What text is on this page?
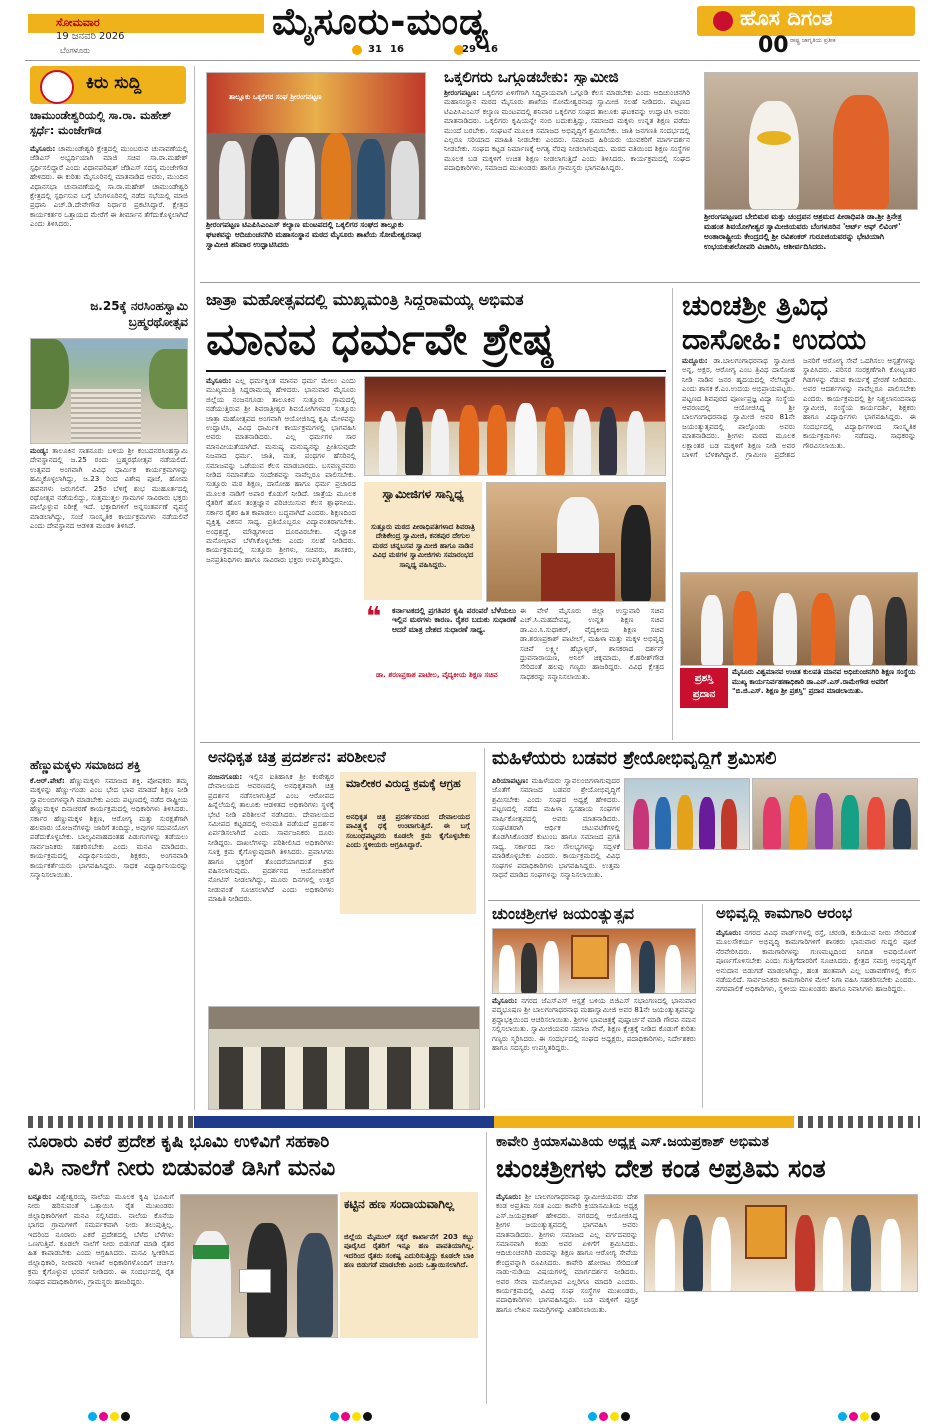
ಸೋಮವಾರ
19 ಜನವರಿ 2026
ಬೆಂಗಳೂರು
ಮೈಸೂರು-ಮಂಡ್ಯ
31 16	29 16
ಹೊಸ ದಿಗಂತ
ರಾಷ್ಟ್ರ ಜಾಗೃತಿಯ ಪ್ರತೀಕ
00
ಕಿರು ಸುದ್ದಿ
ಚಾಮುಂಡೇಶ್ವರಿಯಲ್ಲಿ ಸಾ.ರಾ. ಮಹೇಶ್ ಸ್ಪರ್ಧೆ: ಮಂಜೇಗೌಡ
ಮೈಸೂರು: ಚಾಮುಂಡೇಶ್ವರಿ ಕ್ಷೇತ್ರದಲ್ಲಿ ಮುಂಬರುವ ಚುನಾವಣೆಯಲ್ಲಿ ಜೆಡಿಎಸ್ ಅಭ್ಯರ್ಥಿಯಾಗಿ ಮಾಜಿ ಸಚಿವ ಸಾ.ರಾ.ಮಹೇಶ್ ಸ್ಪರ್ಧಿಸಲಿದ್ದಾರೆ ಎಂದು ವಿಧಾನಪರಿಷತ್ ಜೆಡಿಎಸ್ ಸದಸ್ಯ ಮಂಜೇಗೌಡ ಹೇಳಿದರು. ಈ ಕುರಿತು ಮೈಸೂರಿನಲ್ಲಿ ಮಾತನಾಡಿದ ಅವರು, ಮುಂದಿನ ವಿಧಾನಸಭಾ ಚುನಾವಣೆಯಲ್ಲಿ ಸಾ.ರಾ.ಮಹೇಶ್ ಚಾಮುಂಡೇಶ್ವರಿ ಕ್ಷೇತ್ರದಲ್ಲಿ ಸ್ಪರ್ಧಿಸುವ ಬಗ್ಗೆ ಬೆಂಗಳೂರಿನಲ್ಲಿ ನಡೆದ ಸಭೆಯಲ್ಲಿ ಮಾಜಿ ಪ್ರಧಾನಿ ಎಚ್.ಡಿ.ದೇವೇಗೌಡ ನಿರ್ಧಾರ ಪ್ರಕಟಿಸಿದ್ದಾರೆ. ಕ್ಷೇತ್ರದ ಕಾರ್ಯಕರ್ತರ ಒತ್ತಾಯದ ಮೇರೆಗೆ ಈ ತೀರ್ಮಾನ ತೆಗೆದುಕೊಳ್ಳಲಾಗಿದೆ ಎಂದು ತಿಳಿಸಿದರು.
ಜ.25ಕ್ಕೆ ನರಸಿಂಹಸ್ವಾಮಿ ಬ್ರಹ್ಮರಥೋತ್ಸವ
ಮಂಡ್ಯ: ತಾಲೂಕಿನ ಸಾತನೂರು ಬಳಿಯ ಶ್ರೀ ಕಂಬದನರಸಿಂಹಸ್ವಾಮಿ ದೇವಸ್ಥಾನದಲ್ಲಿ ಜ.25 ರಂದು ಬ್ರಹ್ಮರಥೋತ್ಸವ ನಡೆಯಲಿದೆ. ಉತ್ಸವದ ಅಂಗವಾಗಿ ವಿವಿಧ ಧಾರ್ಮಿಕ ಕಾರ್ಯಕ್ರಮಗಳನ್ನು ಹಮ್ಮಿಕೊಳ್ಳಲಾಗಿದ್ದು, ಜ.23 ರಿಂದ ವಿಶೇಷ ಪೂಜೆ, ಹೋಮ ಹವನಗಳು ಜರುಗಲಿವೆ. 25ರ ಬೆಳಿಗ್ಗೆ ಶುಭ ಮುಹೂರ್ತದಲ್ಲಿ ರಥೋತ್ಸವ ನಡೆಯಲಿದ್ದು, ಸುತ್ತಮುತ್ತಲ ಗ್ರಾಮಗಳ ಸಾವಿರಾರು ಭಕ್ತರು ಪಾಲ್ಗೊಳ್ಳುವ ನಿರೀಕ್ಷೆ ಇದೆ. ಭಕ್ತಾದಿಗಳಿಗೆ ಅನ್ನಸಂತರ್ಪಣೆ ವ್ಯವಸ್ಥೆ ಮಾಡಲಾಗಿದ್ದು, ಸಂಜೆ ಸಾಂಸ್ಕೃತಿಕ ಕಾರ್ಯಕ್ರಮಗಳು ನಡೆಯಲಿವೆ ಎಂದು ದೇವಸ್ಥಾನದ ಆಡಳಿತ ಮಂಡಳಿ ತಿಳಿಸಿದೆ.
ಹೆಣ್ಣುಮಕ್ಕಳು ಸಮಾಜದ ಶಕ್ತಿ
ಕೆ.ಆರ್.ಪೇಟೆ: ಹೆಣ್ಣುಮಕ್ಕಳು ಸಮಾಜದ ಶಕ್ತಿ. ಪೋಷಕರು ತಮ್ಮ ಮಕ್ಕಳನ್ನು ಹೆಣ್ಣು-ಗಂಡು ಎಂಬ ಭೇದ ಭಾವ ಮಾಡದೆ ಶಿಕ್ಷಣ ನೀಡಿ ಸ್ವಾವಲಂಬಿಗಳನ್ನಾಗಿ ಮಾಡಬೇಕು ಎಂದು ಪಟ್ಟಣದಲ್ಲಿ ನಡೆದ ರಾಷ್ಟ್ರೀಯ ಹೆಣ್ಣುಮಕ್ಕಳ ದಿನಾಚರಣೆ ಕಾರ್ಯಕ್ರಮದಲ್ಲಿ ಅಧಿಕಾರಿಗಳು ತಿಳಿಸಿದರು. ಸರ್ಕಾರ ಹೆಣ್ಣುಮಕ್ಕಳ ಶಿಕ್ಷಣ, ಆರೋಗ್ಯ ಮತ್ತು ಸುರಕ್ಷತೆಗಾಗಿ ಹಲವಾರು ಯೋಜನೆಗಳನ್ನು ಜಾರಿಗೆ ತಂದಿದ್ದು, ಅವುಗಳ ಸದುಪಯೋಗ ಪಡೆದುಕೊಳ್ಳಬೇಕು. ಬಾಲ್ಯವಿವಾಹದಂತಹ ಪಿಡುಗುಗಳನ್ನು ತಡೆಯಲು ಸಾರ್ವಜನಿಕರು ಸಹಕರಿಸಬೇಕು ಎಂದು ಮನವಿ ಮಾಡಿದರು. ಕಾರ್ಯಕ್ರಮದಲ್ಲಿ ವಿದ್ಯಾರ್ಥಿನಿಯರು, ಶಿಕ್ಷಕರು, ಅಂಗನವಾಡಿ ಕಾರ್ಯಕರ್ತೆಯರು ಭಾಗವಹಿಸಿದ್ದರು. ಸಾಧಕ ವಿದ್ಯಾರ್ಥಿನಿಯರನ್ನು ಸನ್ಮಾನಿಸಲಾಯಿತು.
ತಾಲ್ಲೂಕು ಒಕ್ಕಲಿಗರ ಸಂಘ ಶ್ರೀರಂಗಪಟ್ಟಣ
ಶ್ರೀರಂಗಪಟ್ಟಣ ಟಿಎಪಿಸಿಎಂಎಸ್ ಕಲ್ಯಾಣ ಮಂಟಪದಲ್ಲಿ ಒಕ್ಕಲಿಗರ ಸಂಘದ ತಾಲ್ಲೂಕು ಘಟಕವನ್ನು ಆದಿಚುಂಚನಗಿರಿ ಮಹಾಸಂಸ್ಥಾನ ಮಠದ ಮೈಸೂರು ಶಾಖೆಯ ಸೋಮೇಶ್ವರನಾಥ ಸ್ವಾಮೀಜಿ ಶನಿವಾರ ಉದ್ಘಾಟಿಸಿದರು
ಒಕ್ಕಲಿಗರು ಒಗ್ಗೂಡಬೇಕು: ಸ್ವಾಮೀಜಿ
ಶ್ರೀರಂಗಪಟ್ಟಣ: ಒಕ್ಕಲಿಗರ ಏಳಿಗೆಗಾಗಿ ಸಿದ್ದಿಪ್ರಾಯವಾಗಿ ಒಗ್ಗೂಡಿ ಕೆಲಸ ಮಾಡಬೇಕು ಎಂದು ಆದಿಚುಂಚನಗಿರಿ ಮಹಾಸಂಸ್ಥಾನ ಮಠದ ಮೈಸೂರು ಶಾಖೆಯ ಸೋಮೇಶ್ವರನಾಥ ಸ್ವಾಮೀಜಿ ಸಲಹೆ ನೀಡಿದರು. ಪಟ್ಟಣದ ಟಿಎಪಿಸಿಎಂಎಸ್ ಕಲ್ಯಾಣ ಮಂಟಪದಲ್ಲಿ ಶನಿವಾರ ಒಕ್ಕಲಿಗರ ಸಂಘದ ತಾಲೂಕು ಘಟಕವನ್ನು ಉದ್ಘಾಟಿಸಿ ಅವರು ಮಾತನಾಡಿದರು. ಒಕ್ಕಲಿಗರು ಕೃಷಿಯನ್ನೇ ನಂಬಿ ಬದುಕುತ್ತಿದ್ದು, ಸಮಾಜದ ಮಕ್ಕಳು ಉನ್ನತ ಶಿಕ್ಷಣ ಪಡೆದು ಮುಂದೆ ಬರಬೇಕು. ಸಂಘಟನೆ ಮೂಲಕ ಸಮಾಜದ ಅಭಿವೃದ್ಧಿಗೆ ಶ್ರಮಿಸಬೇಕು. ಜಾತಿ ಜನಗಣತಿ ಸಂದರ್ಭದಲ್ಲಿ ಎಲ್ಲರೂ ಸರಿಯಾದ ಮಾಹಿತಿ ನೀಡಬೇಕು ಎಂದರು. ಸಮಾಜದ ಹಿರಿಯರು ಯುವಕರಿಗೆ ಮಾರ್ಗದರ್ಶನ ನೀಡಬೇಕು. ಸಂಘದ ಕಟ್ಟಡ ನಿರ್ಮಾಣಕ್ಕೆ ಅಗತ್ಯ ನೆರವು ನೀಡಲಾಗುವುದು. ಮಠದ ವತಿಯಿಂದ ಶಿಕ್ಷಣ ಸಂಸ್ಥೆಗಳ ಮೂಲಕ ಬಡ ಮಕ್ಕಳಿಗೆ ಉಚಿತ ಶಿಕ್ಷಣ ನೀಡಲಾಗುತ್ತಿದೆ ಎಂದು ತಿಳಿಸಿದರು. ಕಾರ್ಯಕ್ರಮದಲ್ಲಿ ಸಂಘದ ಪದಾಧಿಕಾರಿಗಳು, ಸಮಾಜದ ಮುಖಂಡರು ಹಾಗೂ ಗ್ರಾಮಸ್ಥರು ಭಾಗವಹಿಸಿದ್ದರು.
ಶ್ರೀರಂಗಪಟ್ಟಣದ ಬೇಬಿಮಠ ಮತ್ತು ಚಂದ್ರವನ ಆಶ್ರಮದ ಪೀಠಾಧಿಪತಿ ಡಾ.ಶ್ರೀ ತ್ರಿನೇತ್ರ ಮಹಂತ ಶಿವಯೋಗೀಶ್ವರ ಸ್ವಾಮೀಜಿಯವರು ಬೆಂಗಳೂರಿನ 'ಆರ್ಟ್ ಆಫ್ ಲಿವಿಂಗ್' ಅಂತಾರಾಷ್ಟ್ರೀಯ ಕೇಂದ್ರದಲ್ಲಿ ಶ್ರೀ ರವಿಶಂಕರ್ ಗುರೂಜಿಯವರನ್ನು ಭೇಟಿಯಾಗಿ ಉಭಯಕುಶಲೋಪರಿ ವಿಚಾರಿಸಿ, ಆಶೀರ್ವದಿಸಿದರು.
ಜಾತ್ರಾ ಮಹೋತ್ಸವದಲ್ಲಿ ಮುಖ್ಯಮಂತ್ರಿ ಸಿದ್ದರಾಮಯ್ಯ ಅಭಿಮತ
ಮಾನವ ಧರ್ಮವೇ ಶ್ರೇಷ್ಠ
ಮೈಸೂರು: ಎಲ್ಲ ಧರ್ಮಕ್ಕಿಂತ ಮಾನವ ಧರ್ಮ ಮೇಲು ಎಂದು ಮುಖ್ಯಮಂತ್ರಿ ಸಿದ್ದರಾಮಯ್ಯ ಹೇಳಿದರು. ಭಾನುವಾರ ಮೈಸೂರು ಜಿಲ್ಲೆಯ ನಂಜನಗೂಡು ತಾಲೂಕಿನ ಸುತ್ತೂರು ಗ್ರಾಮದಲ್ಲಿ ನಡೆಯುತ್ತಿರುವ ಶ್ರೀ ಶಿವರಾತ್ರೀಶ್ವರ ಶಿವಯೋಗಿಗಳವರ ಸುತ್ತೂರು ಜಾತ್ರಾ ಮಹೋತ್ಸವದ ಅಂಗವಾಗಿ ಆಯೋಜಿಸಿದ್ದ ಕೃಷಿ ಮೇಳವನ್ನು ಉದ್ಘಾಟಿಸಿ, ವಿವಿಧ ಧಾರ್ಮಿಕ ಕಾರ್ಯಕ್ರಮಗಳಲ್ಲಿ ಭಾಗವಹಿಸಿ ಅವರು ಮಾತನಾಡಿದರು. ಎಲ್ಲ ಧರ್ಮಗಳ ಸಾರ ಮಾನವೀಯತೆಯಾಗಿದೆ. ಮನುಷ್ಯ ಮನುಷ್ಯನನ್ನು ಪ್ರೀತಿಸುವುದೇ ನಿಜವಾದ ಧರ್ಮ. ಜಾತಿ, ಮತ, ಪಂಥಗಳ ಹೆಸರಿನಲ್ಲಿ ಸಮಾಜವನ್ನು ಒಡೆಯುವ ಕೆಲಸ ಮಾಡಬಾರದು. ಬಸವಣ್ಣನವರು ನೀಡಿದ ಸಮಾನತೆಯ ಸಂದೇಶವನ್ನು ನಾವೆಲ್ಲರೂ ಪಾಲಿಸಬೇಕು. ಸುತ್ತೂರು ಮಠ ಶಿಕ್ಷಣ, ದಾಸೋಹ ಹಾಗೂ ಧರ್ಮ ಪ್ರಚಾರದ ಮೂಲಕ ನಾಡಿಗೆ ಅಪಾರ ಕೊಡುಗೆ ನೀಡಿದೆ. ಜಾತ್ರೆಯ ಮೂಲಕ ರೈತರಿಗೆ ಹೊಸ ತಂತ್ರಜ್ಞಾನ ಪರಿಚಯಿಸುವ ಕೆಲಸ ಶ್ಲಾಘನೀಯ. ಸರ್ಕಾರ ರೈತರ ಹಿತ ಕಾಪಾಡಲು ಬದ್ಧವಾಗಿದೆ ಎಂದರು. ಶಿಕ್ಷಣದಿಂದ ವ್ಯಕ್ತಿತ್ವ ವಿಕಸನ ಸಾಧ್ಯ. ಪ್ರತಿಯೊಬ್ಬರೂ ವಿದ್ಯಾವಂತರಾಗಬೇಕು. ಅಂಧಶ್ರದ್ಧೆ, ಮೌಢ್ಯಗಳಿಂದ ದೂರವಿರಬೇಕು. ವೈಜ್ಞಾನಿಕ ಮನೋಭಾವ ಬೆಳೆಸಿಕೊಳ್ಳಬೇಕು ಎಂದು ಸಲಹೆ ನೀಡಿದರು. ಕಾರ್ಯಕ್ರಮದಲ್ಲಿ ಸುತ್ತೂರು ಶ್ರೀಗಳು, ಸಚಿವರು, ಶಾಸಕರು, ಜನಪ್ರತಿನಿಧಿಗಳು ಹಾಗೂ ಸಾವಿರಾರು ಭಕ್ತರು ಉಪಸ್ಥಿತರಿದ್ದರು.
ಸ್ವಾಮೀಜಿಗಳ ಸಾನ್ನಿಧ್ಯ
ಸುತ್ತೂರು ಮಠದ ಪೀಠಾಧಿಪತಿಗಳಾದ ಶಿವರಾತ್ರಿ ದೇಶಿಕೇಂದ್ರ ಸ್ವಾಮೀಜಿ, ಕನಕಪುರ ದೇಗುಲ ಮಠದ ಚನ್ನಬಸವ ಸ್ವಾಮೀಜಿ ಹಾಗೂ ನಾಡಿನ ವಿವಿಧ ಮಠಗಳ ಸ್ವಾಮೀಜಿಗಳು ಸಮಾರಂಭದ ಸಾನ್ನಿಧ್ಯ ವಹಿಸಿದ್ದರು.
❝	ಕರ್ನಾಟಕದಲ್ಲಿ ಪ್ರಗತಿಪರ ಕೃಷಿ ಪರಂಪರೆ ಬೆಳೆಯಲು ಇಲ್ಲಿನ ಮಠಗಳು ಕಾರಣ. ರೈತರ ಬದುಕು ಸುಧಾರಣೆ ಆದರೆ ಮಾತ್ರ ದೇಶದ ಸುಧಾರಣೆ ಸಾಧ್ಯ.
ಡಾ. ಶರಣಪ್ರಕಾಶ ಪಾಟೀಲ, ವೈದ್ಯಕೀಯ ಶಿಕ್ಷಣ ಸಚಿವ
ಈ ವೇಳೆ ಮೈಸೂರು ಜಿಲ್ಲಾ ಉಸ್ತುವಾರಿ ಸಚಿವ ಎಚ್.ಸಿ.ಮಹದೇವಪ್ಪ, ಉನ್ನತ ಶಿಕ್ಷಣ ಸಚಿವ ಡಾ.ಎಂ.ಸಿ.ಸುಧಾಕರ್, ವೈದ್ಯಕೀಯ ಶಿಕ್ಷಣ ಸಚಿವ ಡಾ.ಶರಣಪ್ರಕಾಶ್ ಪಾಟೀಲ್, ಮಹಿಳಾ ಮತ್ತು ಮಕ್ಕಳ ಅಭಿವೃದ್ಧಿ ಸಚಿವೆ ಲಕ್ಷ್ಮೀ ಹೆಬ್ಬಾಳ್ಕರ್, ಶಾಸಕರಾದ ದರ್ಶನ್ ಧ್ರುವನಾರಾಯಣ, ಅನಿಲ್ ಚಿಕ್ಕಮಾದು, ಕೆ.ಹರೀಶ್‌ಗೌಡ ಸೇರಿದಂತೆ ಹಲವು ಗಣ್ಯರು ಹಾಜರಿದ್ದರು. ವಿವಿಧ ಕ್ಷೇತ್ರದ ಸಾಧಕರನ್ನು ಸನ್ಮಾನಿಸಲಾಯಿತು.
ಚುಂಚಶ್ರೀ ತ್ರಿವಿಧ
ದಾಸೋಹಿ: ಉದಯ
ಮದ್ದೂರು: ಡಾ.ಬಾಲಗಂಗಾಧರನಾಥ ಸ್ವಾಮೀಜಿ ಅನ್ನ, ಅಕ್ಷರ, ಆರೋಗ್ಯ ಎಂಬ ತ್ರಿವಿಧ ದಾಸೋಹ ನೀಡಿ ನಾಡಿನ ಜನರ ಹೃದಯದಲ್ಲಿ ನೆಲೆಸಿದ್ದಾರೆ ಎಂದು ಶಾಸಕ ಕೆ.ಎಂ.ಉದಯ ಅಭಿಪ್ರಾಯಪಟ್ಟರು. ಪಟ್ಟಣದ ಶಿವಪುರದ ಪೂರ್ಣಪ್ರಜ್ಞ ವಿದ್ಯಾ ಸಂಸ್ಥೆಯ ಆವರಣದಲ್ಲಿ ಆಯೋಜಿಸಿದ್ದ ಶ್ರೀ ಬಾಲಗಂಗಾಧರನಾಥ ಸ್ವಾಮೀಜಿ ಅವರ 81ನೇ ಜಯಂತ್ಯುತ್ಸವದಲ್ಲಿ ಪಾಲ್ಗೊಂಡು ಅವರು ಮಾತನಾಡಿದರು. ಶ್ರೀಗಳು ಮಠದ ಮೂಲಕ ಲಕ್ಷಾಂತರ ಬಡ ಮಕ್ಕಳಿಗೆ ಶಿಕ್ಷಣ ನೀಡಿ ಅವರ ಬಾಳಿಗೆ ಬೆಳಕಾಗಿದ್ದಾರೆ. ಗ್ರಾಮೀಣ ಪ್ರದೇಶದ ಜನರಿಗೆ ಆರೋಗ್ಯ ಸೇವೆ ಒದಗಿಸಲು ಆಸ್ಪತ್ರೆಗಳನ್ನು ಸ್ಥಾಪಿಸಿದರು. ಪರಿಸರ ಸಂರಕ್ಷಣೆಗಾಗಿ ಕೋಟ್ಯಂತರ ಗಿಡಗಳನ್ನು ನೆಡುವ ಕಾರ್ಯಕ್ಕೆ ಪ್ರೇರಣೆ ನೀಡಿದರು. ಅವರ ಆದರ್ಶಗಳನ್ನು ನಾವೆಲ್ಲರೂ ಪಾಲಿಸಬೇಕು ಎಂದರು. ಕಾರ್ಯಕ್ರಮದಲ್ಲಿ ಶ್ರೀ ನಿಶ್ಚಲಾನಂದನಾಥ ಸ್ವಾಮೀಜಿ, ಸಂಸ್ಥೆಯ ಕಾರ್ಯದರ್ಶಿ, ಶಿಕ್ಷಕರು ಹಾಗೂ ವಿದ್ಯಾರ್ಥಿಗಳು ಭಾಗವಹಿಸಿದ್ದರು. ಈ ಸಂದರ್ಭದಲ್ಲಿ ವಿದ್ಯಾರ್ಥಿಗಳಿಂದ ಸಾಂಸ್ಕೃತಿಕ ಕಾರ್ಯಕ್ರಮಗಳು ನಡೆದವು. ಸಾಧಕರನ್ನು ಗೌರವಿಸಲಾಯಿತು.
ಪ್ರಶಸ್ತಿ ಪ್ರದಾನ
ಮೈಸೂರು ವಿಶ್ವಮಾನವ ಉಚಿತ ಕುಲಪತಿ ಮಾನವ ಅಧಿಚುಂಚನಗಿರಿ ಶಿಕ್ಷಣ ಸಂಸ್ಥೆಯ ಮುಖ್ಯ ಕಾರ್ಯನಿರ್ವಹಣಾಧಿಕಾರಿ ಡಾ.ಎನ್.ಎಸ್.ರಾಮೇಗೌಡ ಅವರಿಗೆ "ಬಿ.ಜಿ.ಎಸ್. ಶಿಕ್ಷಣ ಶ್ರೀ ಪ್ರಶಸ್ತಿ" ಪ್ರದಾನ ಮಾಡಲಾಯಿತು.
ಅನಧಿಕೃತ ಚಿತ್ರ ಪ್ರದರ್ಶನ: ಪರಿಶೀಲನೆ
ನಂಜನಗೂಡು: ಇಲ್ಲಿನ ಐತಿಹಾಸಿಕ ಶ್ರೀ ಕಂಠೇಶ್ವರ ದೇವಾಲಯದ ಆವರಣದಲ್ಲಿ ಅನಧಿಕೃತವಾಗಿ ಚಿತ್ರ ಪ್ರದರ್ಶನ ನಡೆಸಲಾಗುತ್ತಿದೆ ಎಂಬ ಆರೋಪದ ಹಿನ್ನೆಲೆಯಲ್ಲಿ ತಾಲೂಕು ಆಡಳಿತದ ಅಧಿಕಾರಿಗಳು ಸ್ಥಳಕ್ಕೆ ಭೇಟಿ ನೀಡಿ ಪರಿಶೀಲನೆ ನಡೆಸಿದರು. ದೇವಾಲಯದ ಸಮೀಪದ ಕಟ್ಟಡದಲ್ಲಿ ಅನುಮತಿ ಪಡೆಯದೆ ಪ್ರದರ್ಶನ ಏರ್ಪಡಿಸಲಾಗಿದೆ ಎಂದು ಸಾರ್ವಜನಿಕರು ದೂರು ನೀಡಿದ್ದರು. ದಾಖಲೆಗಳನ್ನು ಪರಿಶೀಲಿಸಿದ ಅಧಿಕಾರಿಗಳು ಸೂಕ್ತ ಕ್ರಮ ಕೈಗೊಳ್ಳುವುದಾಗಿ ತಿಳಿಸಿದರು. ಪ್ರವಾಸಿಗರು ಹಾಗೂ ಭಕ್ತರಿಗೆ ತೊಂದರೆಯಾಗದಂತೆ ಕ್ರಮ ವಹಿಸಲಾಗುವುದು. ಪ್ರದರ್ಶನದ ಆಯೋಜಕರಿಗೆ ನೋಟಿಸ್ ನೀಡಲಾಗಿದ್ದು, ಮೂರು ದಿನಗಳಲ್ಲಿ ಉತ್ತರ ನೀಡುವಂತೆ ಸೂಚಿಸಲಾಗಿದೆ ಎಂದು ಅಧಿಕಾರಿಗಳು ಮಾಹಿತಿ ನೀಡಿದರು.
ಮಾಲೀಕರ ವಿರುದ್ಧ ಕ್ರಮಕ್ಕೆ ಆಗ್ರಹ
ಅನಧಿಕೃತ ಚಿತ್ರ ಪ್ರದರ್ಶನದಿಂದ ದೇವಾಲಯದ ಪಾವಿತ್ರ್ಯಕ್ಕೆ ಧಕ್ಕೆ ಉಂಟಾಗುತ್ತಿದೆ. ಈ ಬಗ್ಗೆ ಸಂಬಂಧಪಟ್ಟವರು ಕೂಡಲೇ ಕ್ರಮ ಕೈಗೊಳ್ಳಬೇಕು ಎಂದು ಸ್ಥಳೀಯರು ಆಗ್ರಹಿಸಿದ್ದಾರೆ.
ಮಹಿಳೆಯರು ಬಡವರ ಶ್ರೇಯೋಭಿವೃದ್ಧಿಗೆ ಶ್ರಮಿಸಲಿ
ಪಿರಿಯಾಪಟ್ಟಣ: ಮಹಿಳೆಯರು ಸ್ವಾವಲಂಬಿಗಳಾಗುವುದರ ಜೊತೆಗೆ ಸಮಾಜದ ಬಡವರ ಶ್ರೇಯೋಭಿವೃದ್ಧಿಗೆ ಶ್ರಮಿಸಬೇಕು ಎಂದು ಸಂಘದ ಅಧ್ಯಕ್ಷೆ ಹೇಳಿದರು. ಪಟ್ಟಣದಲ್ಲಿ ನಡೆದ ಮಹಿಳಾ ಸ್ವಸಹಾಯ ಸಂಘಗಳ ವಾರ್ಷಿಕೋತ್ಸವದಲ್ಲಿ ಅವರು ಮಾತನಾಡಿದರು. ಸಂಘಟಿತರಾಗಿ ಆರ್ಥಿಕ ಚಟುವಟಿಕೆಗಳಲ್ಲಿ ತೊಡಗಿಸಿಕೊಂಡರೆ ಕುಟುಂಬ ಹಾಗೂ ಸಮಾಜದ ಪ್ರಗತಿ ಸಾಧ್ಯ. ಸರ್ಕಾರದ ಸಾಲ ಸೌಲಭ್ಯಗಳನ್ನು ಸದ್ಬಳಕೆ ಮಾಡಿಕೊಳ್ಳಬೇಕು ಎಂದರು. ಕಾರ್ಯಕ್ರಮದಲ್ಲಿ ವಿವಿಧ ಸಂಘಗಳ ಪದಾಧಿಕಾರಿಗಳು ಭಾಗವಹಿಸಿದ್ದರು. ಉತ್ತಮ ಸಾಧನೆ ಮಾಡಿದ ಸಂಘಗಳನ್ನು ಸನ್ಮಾನಿಸಲಾಯಿತು.
ಚುಂಚಶ್ರೀಗಳ ಜಯಂತ್ಯುತ್ಸವ
ಮೈಸೂರು: ನಗರದ ಜೆಎಸ್‌ಎಸ್ ಆಸ್ಪತ್ರೆ ಬಳಿಯ ಬಿಜಿಎಸ್ ಸಭಾಂಗಣದಲ್ಲಿ ಭಾನುವಾರ ಪದ್ಮಭೂಷಣ ಶ್ರೀ ಬಾಲಗಂಗಾಧರನಾಥ ಮಹಾಸ್ವಾಮೀಜಿ ಅವರ 81ನೇ ಜಯಂತ್ಯುತ್ಸವವನ್ನು ಶ್ರದ್ಧಾಭಕ್ತಿಯಿಂದ ಆಚರಿಸಲಾಯಿತು. ಶ್ರೀಗಳ ಭಾವಚಿತ್ರಕ್ಕೆ ಪುಷ್ಪಾರ್ಚನೆ ಮಾಡಿ ಗೌರವ ನಮನ ಸಲ್ಲಿಸಲಾಯಿತು. ಸ್ವಾಮೀಜಿಯವರ ಸಮಾಜ ಸೇವೆ, ಶಿಕ್ಷಣ ಕ್ಷೇತ್ರಕ್ಕೆ ನೀಡಿದ ಕೊಡುಗೆ ಕುರಿತು ಗಣ್ಯರು ಸ್ಮರಿಸಿದರು. ಈ ಸಂದರ್ಭದಲ್ಲಿ ಸಂಘದ ಅಧ್ಯಕ್ಷರು, ಪದಾಧಿಕಾರಿಗಳು, ನಿರ್ದೇಶಕರು ಹಾಗೂ ಸದಸ್ಯರು ಉಪಸ್ಥಿತರಿದ್ದರು.
ಅಭಿವೃದ್ಧಿ ಕಾಮಗಾರಿ ಆರಂಭ
ಮೈಸೂರು: ನಗರದ ವಿವಿಧ ವಾರ್ಡ್‌ಗಳಲ್ಲಿ ರಸ್ತೆ, ಚರಂಡಿ, ಕುಡಿಯುವ ನೀರು ಸೇರಿದಂತೆ ಮೂಲಸೌಕರ್ಯ ಅಭಿವೃದ್ಧಿ ಕಾಮಗಾರಿಗಳಿಗೆ ಶಾಸಕರು ಭಾನುವಾರ ಗುದ್ದಲಿ ಪೂಜೆ ನೆರವೇರಿಸಿದರು. ಕಾಮಗಾರಿಗಳನ್ನು ಗುಣಮಟ್ಟದಿಂದ ನಿಗದಿತ ಅವಧಿಯೊಳಗೆ ಪೂರ್ಣಗೊಳಿಸಬೇಕು ಎಂದು ಗುತ್ತಿಗೆದಾರರಿಗೆ ಸೂಚಿಸಿದರು. ಕ್ಷೇತ್ರದ ಸಮಗ್ರ ಅಭಿವೃದ್ಧಿಗೆ ಅನುದಾನ ಬಿಡುಗಡೆ ಮಾಡಲಾಗಿದ್ದು, ಹಂತ ಹಂತವಾಗಿ ಎಲ್ಲ ಬಡಾವಣೆಗಳಲ್ಲಿ ಕೆಲಸ ನಡೆಯಲಿದೆ. ಸಾರ್ವಜನಿಕರು ಕಾಮಗಾರಿಗಳ ಮೇಲೆ ನಿಗಾ ವಹಿಸಿ ಸಹಕರಿಸಬೇಕು ಎಂದರು. ನಗರಪಾಲಿಕೆ ಅಧಿಕಾರಿಗಳು, ಸ್ಥಳೀಯ ಮುಖಂಡರು ಹಾಗೂ ನಿವಾಸಿಗಳು ಹಾಜರಿದ್ದರು.
ನೂರಾರು ಎಕರೆ ಪ್ರದೇಶ ಕೃಷಿ ಭೂಮಿ ಉಳಿವಿಗೆ ಸಹಕಾರಿ
ವಿಸಿ ನಾಲೆಗೆ ನೀರು ಬಿಡುವಂತೆ ಡಿಸಿಗೆ ಮನವಿ
ಬನ್ನೂರು: ವಿಶ್ವೇಶ್ವರಯ್ಯ ನಾಲೆಯ ಮೂಲಕ ಕೃಷಿ ಭೂಮಿಗೆ ನೀರು ಹರಿಸುವಂತೆ ಒತ್ತಾಯಿಸಿ ರೈತ ಮುಖಂಡರು ಜಿಲ್ಲಾಧಿಕಾರಿಗಳಿಗೆ ಮನವಿ ಸಲ್ಲಿಸಿದರು. ನಾಲೆಯ ಕೊನೆಯ ಭಾಗದ ಗ್ರಾಮಗಳಿಗೆ ಸಮರ್ಪಕವಾಗಿ ನೀರು ತಲುಪುತ್ತಿಲ್ಲ. ಇದರಿಂದ ನೂರಾರು ಎಕರೆ ಪ್ರದೇಶದಲ್ಲಿ ಬೆಳೆದ ಬೆಳೆಗಳು ಒಣಗುತ್ತಿವೆ. ಕೂಡಲೇ ನಾಲೆಗೆ ನೀರು ಬಿಡುಗಡೆ ಮಾಡಿ ರೈತರ ಹಿತ ಕಾಪಾಡಬೇಕು ಎಂದು ಆಗ್ರಹಿಸಿದರು. ಮನವಿ ಸ್ವೀಕರಿಸಿದ ಜಿಲ್ಲಾಧಿಕಾರಿ, ನೀರಾವರಿ ಇಲಾಖೆ ಅಧಿಕಾರಿಗಳೊಂದಿಗೆ ಚರ್ಚಿಸಿ ಕ್ರಮ ಕೈಗೊಳ್ಳುವ ಭರವಸೆ ನೀಡಿದರು. ಈ ಸಂದರ್ಭದಲ್ಲಿ ರೈತ ಸಂಘದ ಪದಾಧಿಕಾರಿಗಳು, ಗ್ರಾಮಸ್ಥರು ಹಾಜರಿದ್ದರು.
ಕಟ್ಟಿನ ಹಣ ಸಂದಾಯವಾಗಿಲ್ಲ
ಜಿಲ್ಲೆಯ ಮೈಮುಲ್ ಸಕ್ಕರೆ ಕಾರ್ಖಾನೆಗೆ 203 ಕಬ್ಬು ಪೂರೈಸಿದ ರೈತರಿಗೆ ಇನ್ನೂ ಹಣ ಪಾವತಿಯಾಗಿಲ್ಲ. ಇದರಿಂದ ರೈತರು ಸಂಕಷ್ಟ ಎದುರಿಸುತ್ತಿದ್ದು ಕೂಡಲೇ ಬಾಕಿ ಹಣ ಬಿಡುಗಡೆ ಮಾಡಬೇಕು ಎಂದು ಒತ್ತಾಯಿಸಲಾಗಿದೆ.
ಕಾವೇರಿ ಕ್ರಿಯಾಸಮಿತಿಯ ಅಧ್ಯಕ್ಷ ಎಸ್.ಜಯಪ್ರಕಾಶ್ ಅಭಿಮತ
ಚುಂಚಶ್ರೀಗಳು ದೇಶ ಕಂಡ ಅಪ್ರತಿಮ ಸಂತ
ಮೈಸೂರು: ಶ್ರೀ ಬಾಲಗಂಗಾಧರನಾಥ ಸ್ವಾಮೀಜಿಯವರು ದೇಶ ಕಂಡ ಅಪ್ರತಿಮ ಸಂತ ಎಂದು ಕಾವೇರಿ ಕ್ರಿಯಾಸಮಿತಿಯ ಅಧ್ಯಕ್ಷ ಎಸ್.ಜಯಪ್ರಕಾಶ್ ಹೇಳಿದರು. ನಗರದಲ್ಲಿ ಆಯೋಜಿಸಿದ್ದ ಶ್ರೀಗಳ ಜಯಂತ್ಯುತ್ಸವದಲ್ಲಿ ಭಾಗವಹಿಸಿ ಅವರು ಮಾತನಾಡಿದರು. ಶ್ರೀಗಳು ಸಮಾಜದ ಎಲ್ಲ ವರ್ಗದವರನ್ನು ಸಮಾನವಾಗಿ ಕಂಡು ಅವರ ಏಳಿಗೆಗೆ ಶ್ರಮಿಸಿದರು. ಆದಿಚುಂಚನಗಿರಿ ಮಠವನ್ನು ಶಿಕ್ಷಣ ಹಾಗೂ ಆರೋಗ್ಯ ಸೇವೆಯ ಕೇಂದ್ರವನ್ನಾಗಿ ರೂಪಿಸಿದರು. ಕಾವೇರಿ ಹೋರಾಟ ಸೇರಿದಂತೆ ನಾಡು-ನುಡಿಯ ವಿಷಯಗಳಲ್ಲಿ ಮಾರ್ಗದರ್ಶನ ನೀಡಿದರು. ಅವರ ಸೇವಾ ಮನೋಭಾವ ಎಲ್ಲರಿಗೂ ಮಾದರಿ ಎಂದರು. ಕಾರ್ಯಕ್ರಮದಲ್ಲಿ ವಿವಿಧ ಸಂಘ ಸಂಸ್ಥೆಗಳ ಮುಖಂಡರು, ಪದಾಧಿಕಾರಿಗಳು ಭಾಗವಹಿಸಿದ್ದರು. ಬಡ ಮಕ್ಕಳಿಗೆ ಪುಸ್ತಕ ಹಾಗೂ ಲೇಖನ ಸಾಮಗ್ರಿಗಳನ್ನು ವಿತರಿಸಲಾಯಿತು.
